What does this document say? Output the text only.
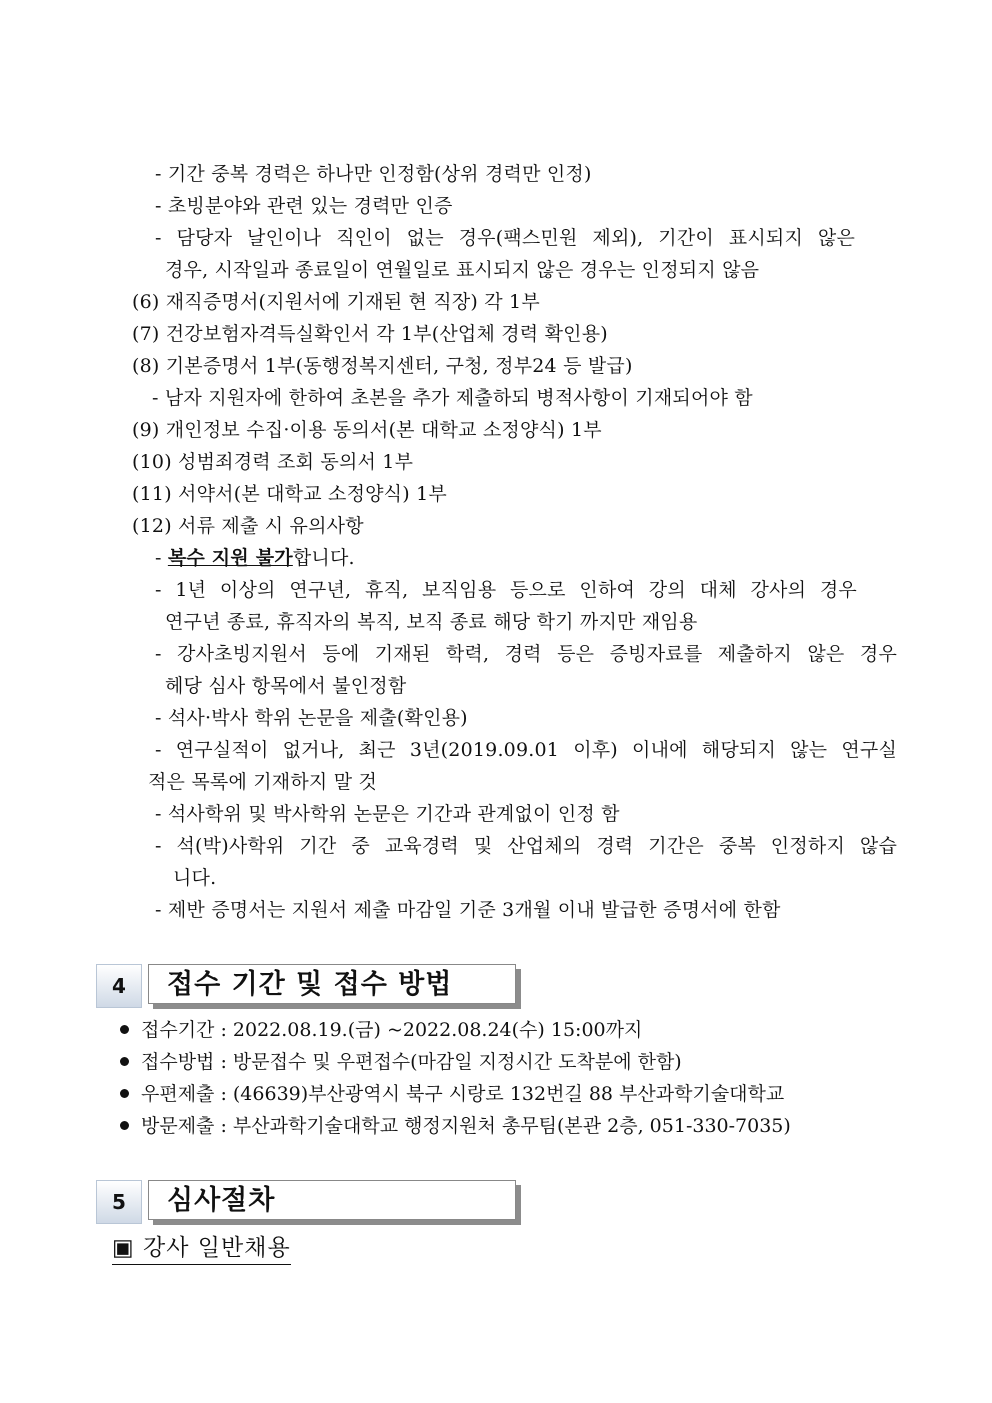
- 기간 중복 경력은 하나만 인정함(상위 경력만 인정)
- 초빙분야와 관련 있는 경력만 인증
- 담당자 날인이나 직인이 없는 경우(팩스민원 제외), 기간이 표시되지 않은
경우, 시작일과 종료일이 연월일로 표시되지 않은 경우는 인정되지 않음
(6) 재직증명서(지원서에 기재된 현 직장) 각 1부
(7) 건강보험자격득실확인서 각 1부(산업체 경력 확인용)
(8) 기본증명서 1부(동행정복지센터, 구청, 정부24 등 발급)
- 남자 지원자에 한하여 초본을 추가 제출하되 병적사항이 기재되어야 함
(9) 개인정보 수집·이용 동의서(본 대학교 소정양식) 1부
(10) 성범죄경력 조회 동의서 1부
(11) 서약서(본 대학교 소정양식) 1부
(12) 서류 제출 시 유의사항
- 복수 지원 불가합니다.
- 1년 이상의 연구년, 휴직, 보직임용 등으로 인하여 강의 대체 강사의 경우
연구년 종료, 휴직자의 복직, 보직 종료 해당 학기 까지만 재임용
- 강사초빙지원서 등에 기재된 학력, 경력 등은 증빙자료를 제출하지 않은 경우
헤당 심사 항목에서 불인정함
- 석사·박사 학위 논문을 제출(확인용)
- 연구실적이 없거나, 최근 3년(2019.09.01 이후) 이내에 해당되지 않는 연구실
적은 목록에 기재하지 말 것
- 석사학위 및 박사학위 논문은 기간과 관계없이 인정 함
- 석(박)사학위 기간 중 교육경력 및 산업체의 경력 기간은 중복 인정하지 않습
니다.
- 제반 증명서는 지원서 제출 마감일 기준 3개월 이내 발급한 증명서에 한함
4	접수 기간 및 접수 방법
접수기간 : 2022.08.19.(금) ~2022.08.24(수) 15:00까지
접수방법 : 방문접수 및 우편접수(마감일 지정시간 도착분에 한함)
우편제출 : (46639)부산광역시 북구 시랑로 132번길 88 부산과학기술대학교
방문제출 : 부산과학기술대학교 행정지원처 총무팀(본관 2층, 051-330-7035)
5	심사절차
▣ 강사 일반채용
